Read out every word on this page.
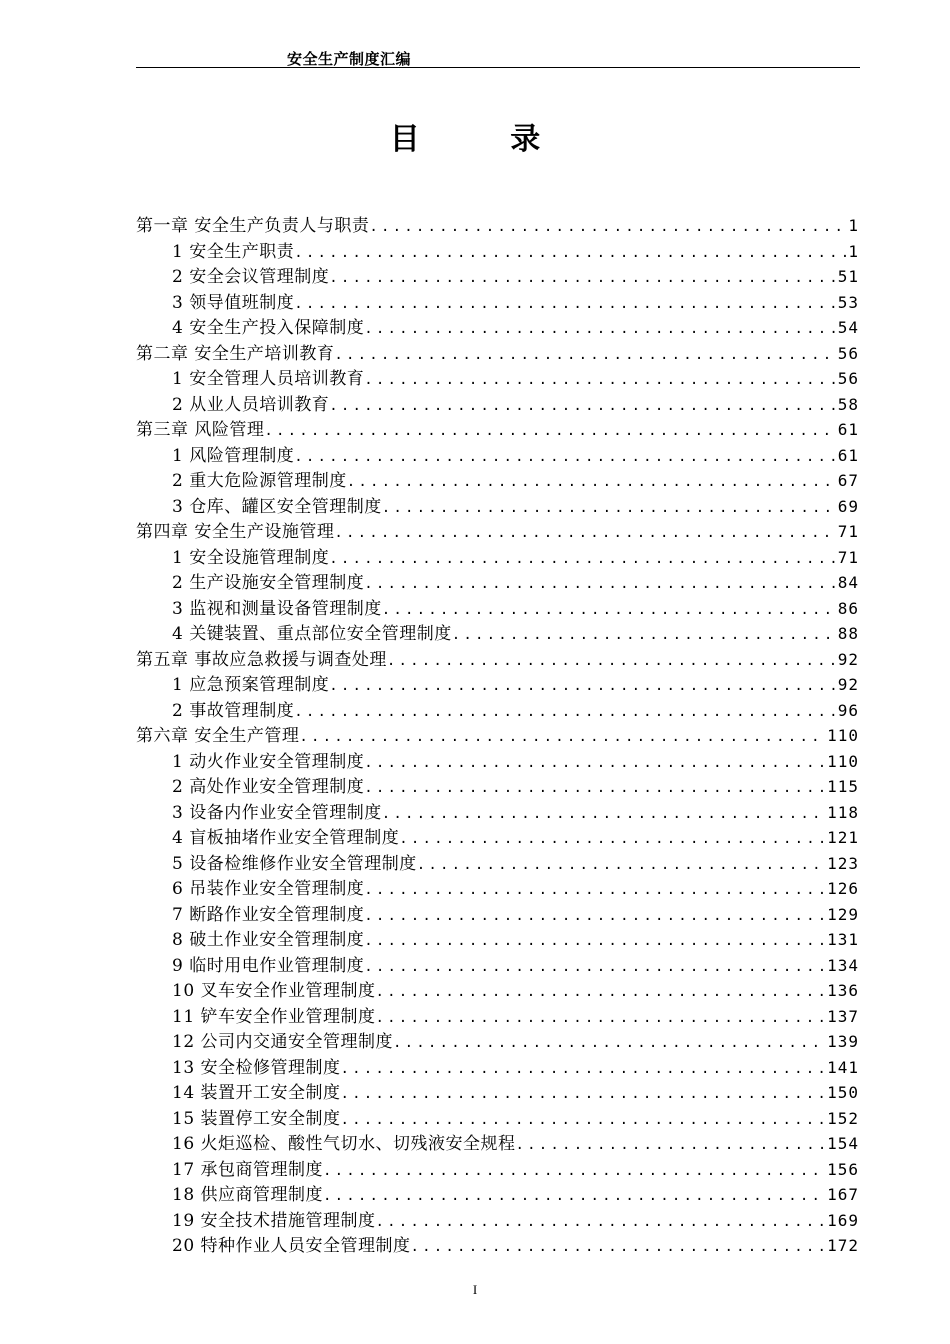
安全生产制度汇编
目 录
第一章 安全生产负责人与职责 .....	1
1 安全生产职责 .....	1
2 安全会议管理制度 .....	51
3 领导值班制度 .....	53
4 安全生产投入保障制度 .....	54
第二章 安全生产培训教育 .....	56
1 安全管理人员培训教育 .....	56
2 从业人员培训教育 .....	58
第三章 风险管理 .....	61
1 风险管理制度 .....	61
2 重大危险源管理制度 .....	67
3 仓库、罐区安全管理制度 .....	69
第四章 安全生产设施管理 .....	71
1 安全设施管理制度 .....	71
2 生产设施安全管理制度 .....	84
3 监视和测量设备管理制度 .....	86
4 关键装置、重点部位安全管理制度 .....	88
第五章 事故应急救援与调查处理 .....	92
1 应急预案管理制度 .....	92
2 事故管理制度 .....	96
第六章 安全生产管理 .....	110
1 动火作业安全管理制度 .....	110
2 高处作业安全管理制度 .....	115
3 设备内作业安全管理制度 .....	118
4 盲板抽堵作业安全管理制度 .....	121
5 设备检维修作业安全管理制度 .....	123
6 吊装作业安全管理制度 .....	126
7 断路作业安全管理制度 .....	129
8 破土作业安全管理制度 .....	131
9 临时用电作业管理制度 .....	134
10 叉车安全作业管理制度 .....	136
11 铲车安全作业管理制度 .....	137
12 公司内交通安全管理制度 .....	139
13 安全检修管理制度 .....	141
14 装置开工安全制度 .....	150
15 装置停工安全制度 .....	152
16 火炬巡检、酸性气切水、切残液安全规程 .....	154
17 承包商管理制度 .....	156
18 供应商管理制度 .....	167
19 安全技术措施管理制度 .....	169
20 特种作业人员安全管理制度 .....	172
I
